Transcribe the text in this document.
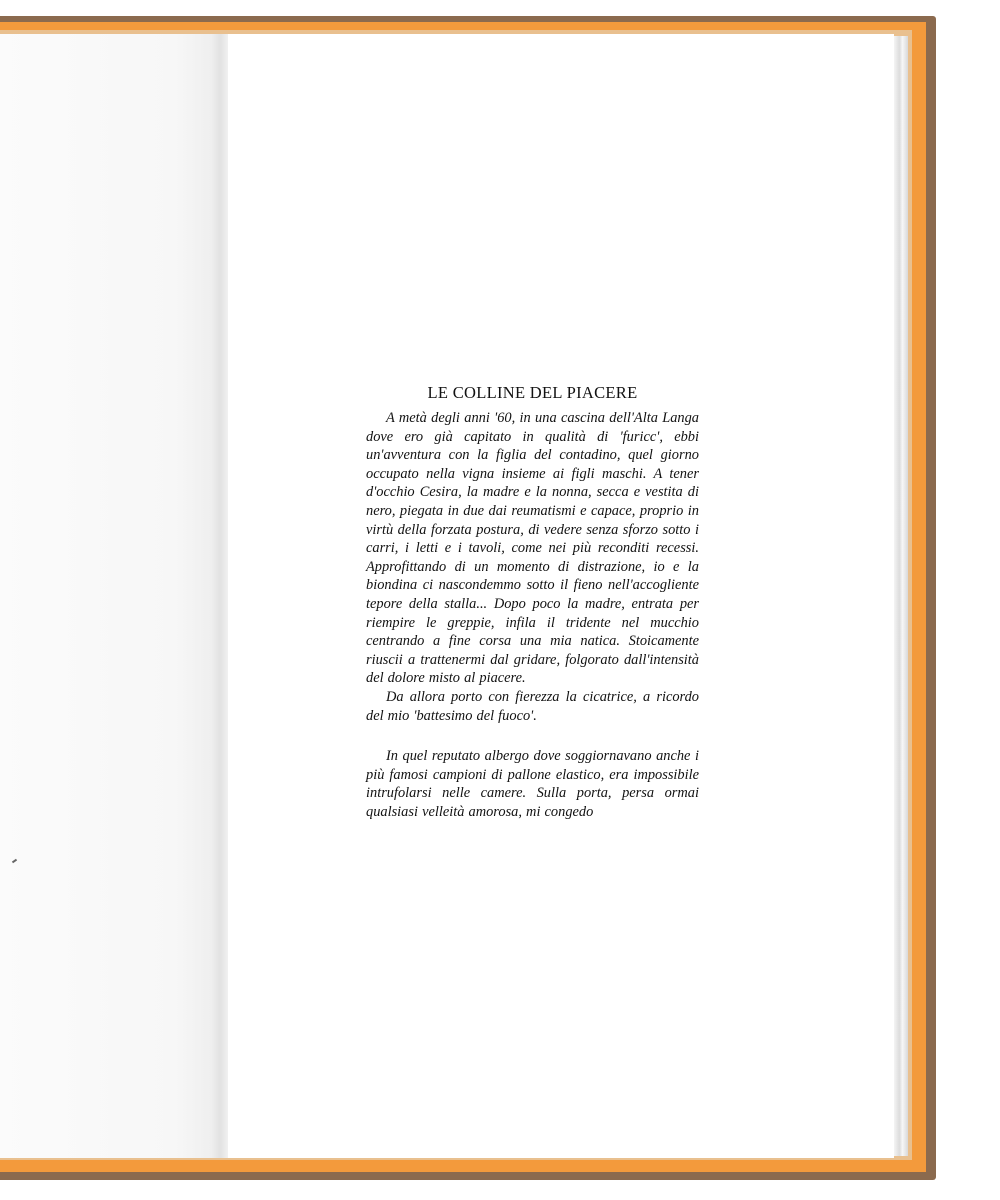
LE COLLINE DEL PIACERE

A metà degli anni '60, in una cascina dell'Alta Langa dove ero già capitato in qualità di 'furicc', ebbi un'avventura con la figlia del contadino, quel giorno occupato nella vigna insieme ai figli maschi. A tener d'occhio Cesira, la madre e la nonna, secca e vestita di nero, piegata in due dai reumatismi e capace, proprio in virtù della forzata postura, di vedere senza sforzo sotto i carri, i letti e i tavoli, come nei più reconditi recessi. Approfittando di un momento di distrazione, io e la biondina ci nascondemmo sotto il fieno nell'accogliente tepore della stalla... Dopo poco la madre, entrata per riempire le greppie, infila il tridente nel mucchio centrando a fine corsa una mia natica. Stoicamente riuscii a trattenermi dal gridare, folgorato dall'intensità del dolore misto al piacere.

Da allora porto con fierezza la cicatrice, a ricordo del mio 'battesimo del fuoco'.

In quel reputato albergo dove soggiornavano anche i più famosi campioni di pallone elastico, era impossibile intrufolarsi nelle camere. Sulla porta, persa ormai qualsiasi velleità amorosa, mi congedo
